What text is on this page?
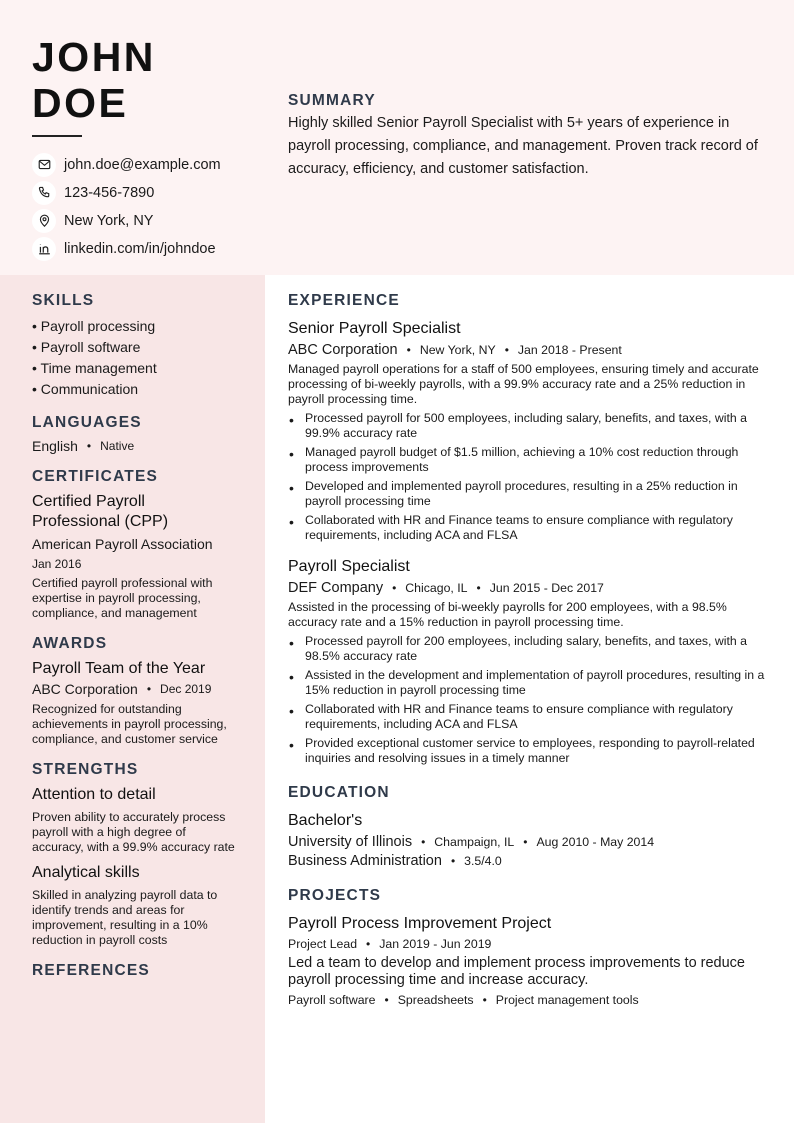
JOHN
DOE
john.doe@example.com
123-456-7890
New York, NY
linkedin.com/in/johndoe
SUMMARY
Highly skilled Senior Payroll Specialist with 5+ years of experience in payroll processing, compliance, and management. Proven track record of accuracy, efficiency, and customer satisfaction.
SKILLS
• Payroll processing
• Payroll software
• Time management
• Communication
LANGUAGES
English • Native
CERTIFICATES
Certified Payroll Professional (CPP)
American Payroll Association
Jan 2016
Certified payroll professional with expertise in payroll processing, compliance, and management
AWARDS
Payroll Team of the Year
ABC Corporation • Dec 2019
Recognized for outstanding achievements in payroll processing, compliance, and customer service
STRENGTHS
Attention to detail
Proven ability to accurately process payroll with a high degree of accuracy, with a 99.9% accuracy rate
Analytical skills
Skilled in analyzing payroll data to identify trends and areas for improvement, resulting in a 10% reduction in payroll costs
REFERENCES
EXPERIENCE
Senior Payroll Specialist
ABC Corporation • New York, NY • Jan 2018 - Present
Managed payroll operations for a staff of 500 employees, ensuring timely and accurate processing of bi-weekly payrolls, with a 99.9% accuracy rate and a 25% reduction in payroll processing time.
• Processed payroll for 500 employees, including salary, benefits, and taxes, with a 99.9% accuracy rate
• Managed payroll budget of $1.5 million, achieving a 10% cost reduction through process improvements
• Developed and implemented payroll procedures, resulting in a 25% reduction in payroll processing time
• Collaborated with HR and Finance teams to ensure compliance with regulatory requirements, including ACA and FLSA
Payroll Specialist
DEF Company • Chicago, IL • Jun 2015 - Dec 2017
Assisted in the processing of bi-weekly payrolls for 200 employees, with a 98.5% accuracy rate and a 15% reduction in payroll processing time.
• Processed payroll for 200 employees, including salary, benefits, and taxes, with a 98.5% accuracy rate
• Assisted in the development and implementation of payroll procedures, resulting in a 15% reduction in payroll processing time
• Collaborated with HR and Finance teams to ensure compliance with regulatory requirements, including ACA and FLSA
• Provided exceptional customer service to employees, responding to payroll-related inquiries and resolving issues in a timely manner
EDUCATION
Bachelor's
University of Illinois • Champaign, IL • Aug 2010 - May 2014
Business Administration • 3.5/4.0
PROJECTS
Payroll Process Improvement Project
Project Lead • Jan 2019 - Jun 2019
Led a team to develop and implement process improvements to reduce payroll processing time and increase accuracy.
Payroll software • Spreadsheets • Project management tools
